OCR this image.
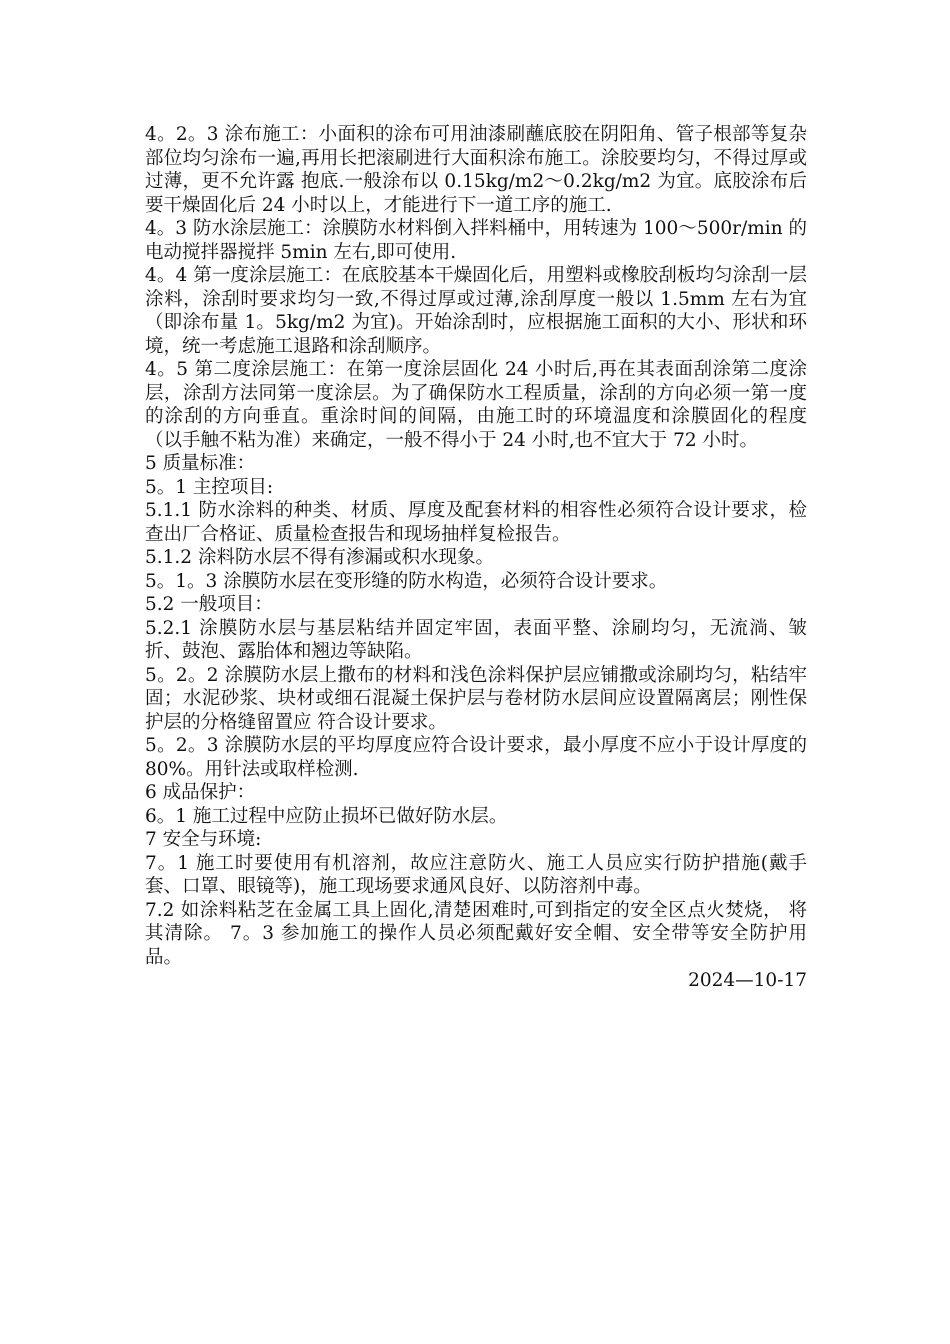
4。2。3 涂布施工：小面积的涂布可用油漆刷蘸底胶在阴阳角、管子根部等复杂部位均匀涂布一遍,再用长把滚刷进行大面积涂布施工。涂胶要均匀，不得过厚或过薄，更不允许露 抱底.一般涂布以 0.15kg/m2～0.2kg/m2 为宜。底胶涂布后要干燥固化后 24 小时以上，才能进行下一道工序的施工.

4。3 防水涂层施工：涂膜防水材料倒入拌料桶中，用转速为 100～500r/min 的电动搅拌器搅拌 5min 左右,即可使用.

4。4 第一度涂层施工：在底胶基本干燥固化后，用塑料或橡胶刮板均匀涂刮一层 涂料，涂刮时要求均匀一致,不得过厚或过薄,涂刮厚度一般以 1.5mm 左右为宜（即涂布量 1。5kg/m2 为宜)。开始涂刮时，应根据施工面积的大小、形状和环境，统一考虑施工退路和涂刮顺序。

4。5 第二度涂层施工：在第一度涂层固化 24 小时后,再在其表面刮涂第二度涂层，涂刮方法同第一度涂层。为了确保防水工程质量，涂刮的方向必须一第一度的涂刮的方向垂直。重涂时间的间隔，由施工时的环境温度和涂膜固化的程度（以手触不粘为准）来确定，一般不得小于 24 小时,也不宜大于 72 小时。

5 质量标准：

5。1 主控项目:

5.1.1 防水涂料的种类、材质、厚度及配套材料的相容性必须符合设计要求，检查出厂合格证、质量检查报告和现场抽样复检报告。

5.1.2 涂料防水层不得有渗漏或积水现象。

5。1。3 涂膜防水层在变形缝的防水构造，必须符合设计要求。

5.2 一般项目：

5.2.1 涂膜防水层与基层粘结并固定牢固，表面平整、涂刷均匀，无流淌、皱折、鼓泡、露胎体和翘边等缺陷。

5。2。2 涂膜防水层上撒布的材料和浅色涂料保护层应铺撒或涂刷均匀，粘结牢固；水泥砂浆、块材或细石混凝土保护层与卷材防水层间应设置隔离层；刚性保护层的分格缝留置应 符合设计要求。

5。2。3 涂膜防水层的平均厚度应符合设计要求，最小厚度不应小于设计厚度的 80%。用针法或取样检测.

6 成品保护：

6。1 施工过程中应防止损坏已做好防水层。

7 安全与环境:

7。1 施工时要使用有机溶剂，故应注意防火、施工人员应实行防护措施(戴手套、口罩、眼镜等)，施工现场要求通风良好、以防溶剂中毒。

7.2 如涂料粘芝在金属工具上固化,清楚困难时,可到指定的安全区点火焚烧， 将其清除。 7。3 参加施工的操作人员必须配戴好安全帽、安全带等安全防护用品。

2024—10-17
